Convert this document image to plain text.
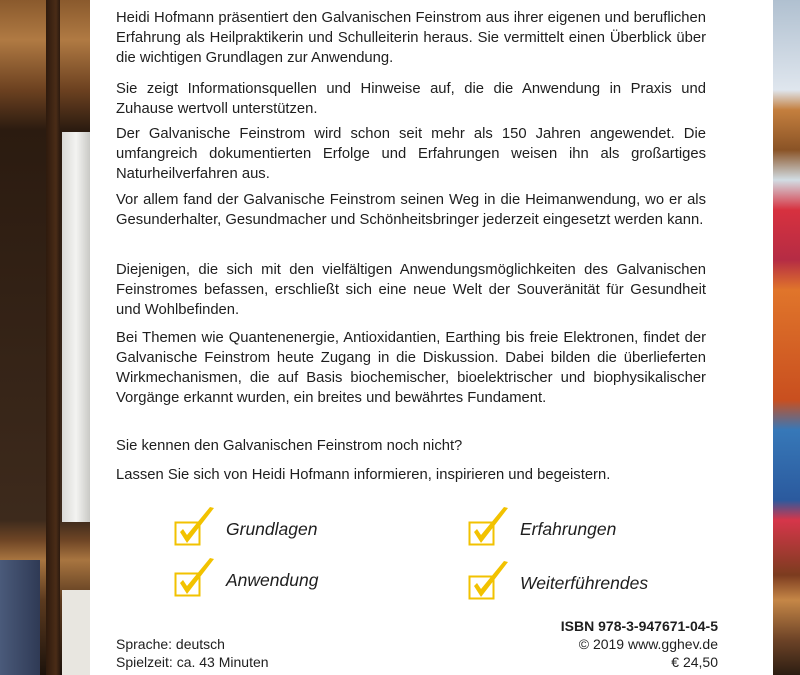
Heidi Hofmann präsentiert den Galvanischen Feinstrom aus ihrer eigenen und beruflichen Erfahrung als Heilpraktikerin und Schulleiterin heraus. Sie vermittelt einen Überblick über die wichtigen Grundlagen zur Anwendung.

Sie zeigt Informationsquellen und Hinweise auf, die die Anwendung in Praxis und Zuhause wertvoll unterstützen.

Der Galvanische Feinstrom wird schon seit mehr als 150 Jahren angewendet. Die umfangreich dokumentierten Erfolge und Erfahrungen weisen ihn als großartiges Naturheilverfahren aus.

Vor allem fand der Galvanische Feinstrom seinen Weg in die Heimanwendung, wo er als Gesunderhalter, Gesundmacher und Schönheitsbringer jederzeit eingesetzt werden kann.

Diejenigen, die sich mit den vielfältigen Anwendungsmöglichkeiten des Galvanischen Feinstromes befassen, erschließt sich eine neue Welt der Souveränität für Gesundheit und Wohlbefinden.

Bei Themen wie Quantenenergie, Antioxidantien, Earthing bis freie Elektronen, findet der Galvanische Feinstrom heute Zugang in die Diskussion. Dabei bilden die überlieferten Wirkmechanismen, die auf Basis biochemischer, bioelektrischer und biophysikalischer Vorgänge erkannt wurden, ein breites und bewährtes Fundament.

Sie kennen den Galvanischen Feinstrom noch nicht?

Lassen Sie sich von Heidi Hofmann informieren, inspirieren und begeistern.

Grundlagen	Erfahrungen
Anwendung	Weiterführendes
Sprache: deutsch
Spielzeit: ca. 43 Minuten
ISBN 978-3-947671-04-5
© 2019 www.gghev.de
€ 24,50
